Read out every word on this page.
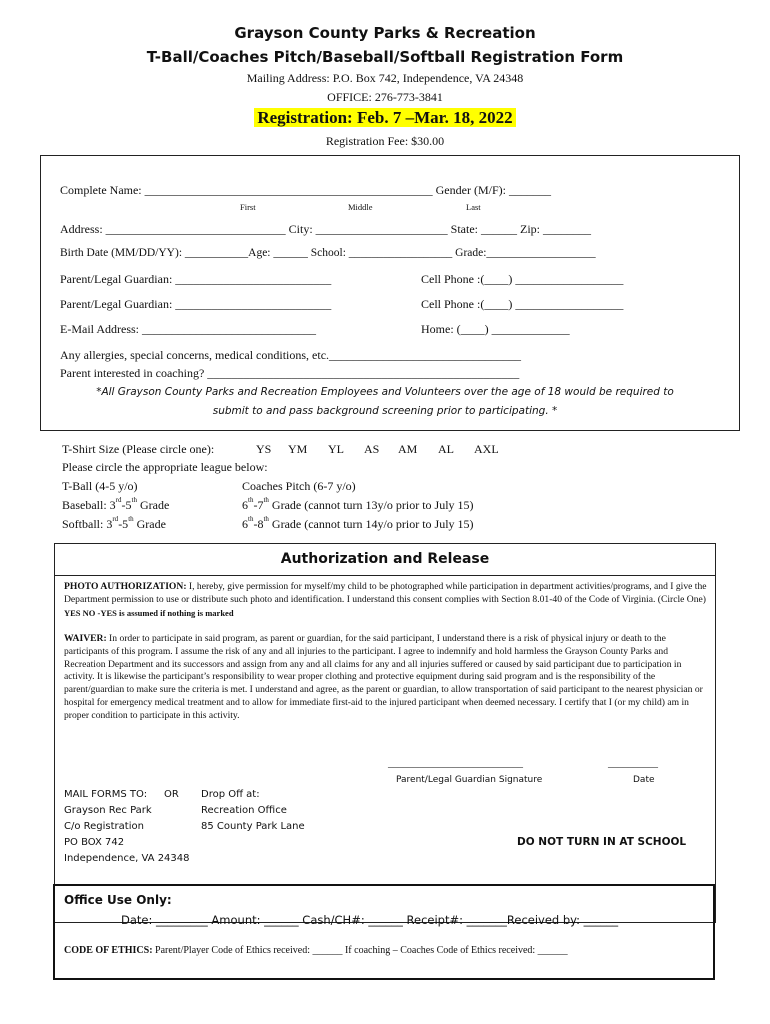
Grayson County Parks & Recreation
T-Ball/Coaches Pitch/Baseball/Softball Registration Form
Mailing Address: P.O. Box 742, Independence, VA 24348
OFFICE: 276-773-3841
Registration: Feb. 7 –Mar. 18, 2022
Registration Fee: $30.00
Complete Name: ________________________________________________ Gender (M/F): _______
First	Middle	Last
Address: ______________________________ City: ______________________ State: ______ Zip: ________
Birth Date (MM/DD/YY): ___________Age: ______ School: __________________ Grade:___________________
Parent/Legal Guardian: __________________________	Cell Phone :(____) __________________
Parent/Legal Guardian: __________________________	Cell Phone :(____) __________________
E-Mail Address: _____________________________	Home: (____) _____________
Any allergies, special concerns, medical conditions, etc.________________________________
Parent interested in coaching? ____________________________________________________
*All Grayson County Parks and Recreation Employees and Volunteers over the age of 18 would be required to
submit to and pass background screening prior to participating. *
T-Shirt Size (Please circle one):	YS YM YL AS AM AL AXL
Please circle the appropriate league below:
T-Ball (4-5 y/o)	Coaches Pitch (6-7 y/o)
Baseball: 3rd-5th Grade	6th-7th Grade (cannot turn 13y/o prior to July 15)
Softball: 3rd-5th Grade	6th-8th Grade (cannot turn 14y/o prior to July 15)
Authorization and Release
PHOTO AUTHORIZATION: I, hereby, give permission for myself/my child to be photographed while participation in department activities/programs, and I give the Department permission to use or distribute such photo and identification. I understand this consent complies with Section 8.01-40 of the Code of Virginia. (Circle One) YES NO -YES is assumed if nothing is marked
WAIVER: In order to participate in said program, as parent or guardian, for the said participant, I understand there is a risk of physical injury or death to the participants of this program. I assume the risk of any and all injuries to the participant. I agree to indemnify and hold harmless the Grayson County Parks and Recreation Department and its successors and assign from any and all claims for any and all injuries suffered or caused by said participant due to participation in activity. It is likewise the participant’s responsibility to wear proper clothing and protective equipment during said program and is the responsibility of the parent/guardian to make sure the criteria is met. I understand and agree, as the parent or guardian, to allow transportation of said participant to the nearest physician or hospital for emergency medical treatment and to allow for immediate first-aid to the injured participant when deemed necessary. I certify that I (or my child) am in proper condition to participate in this activity.
___________________________	__________
Parent/Legal Guardian Signature	Date
MAIL FORMS TO: OR
Grayson Rec Park
C/o Registration
PO BOX 742
Independence, VA 24348
Drop Off at:
Recreation Office
85 County Park Lane
DO NOT TURN IN AT SCHOOL
Office Use Only:
Date: _________ Amount: ______ Cash/CH#: ______ Receipt#: _______Received by: ______
CODE OF ETHICS: Parent/Player Code of Ethics received: ______ If coaching – Coaches Code of Ethics received: ______
